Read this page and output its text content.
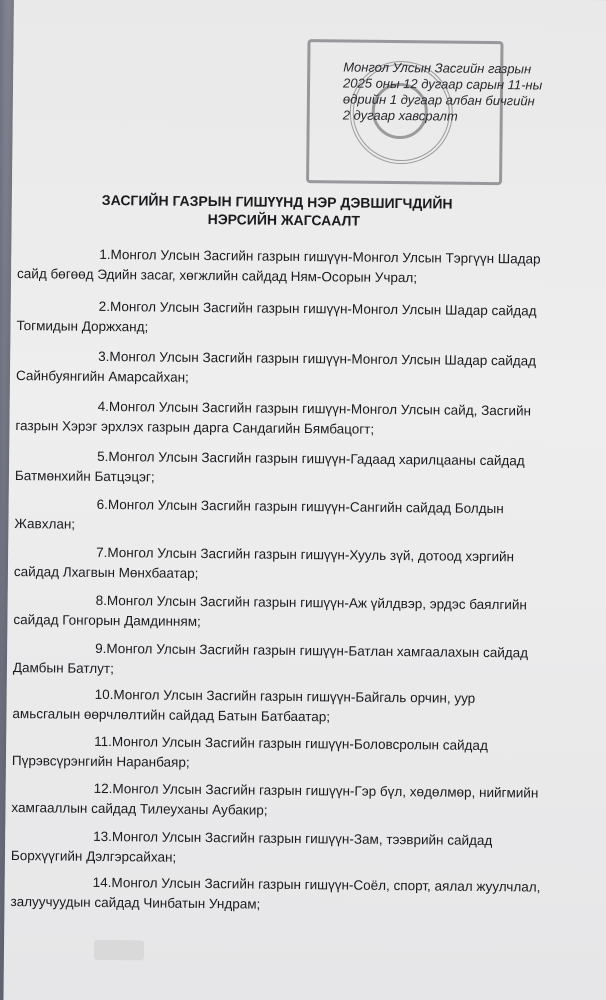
Монгол Улсын Засгийн газрын
2025 оны 12 дугаар сарын 11-ны
өдрийн 1 дугаар албан бичгийн
2 дугаар хавсралт
ЗАСГИЙН ГАЗРЫН ГИШҮҮНД НЭР ДЭВШИГЧДИЙН
НЭРСИЙН ЖАГСААЛТ
1.Монгол Улсын Засгийн газрын гишүүн-Монгол Улсын Тэргүүн Шадар
сайд бөгөөд Эдийн засаг, хөгжлийн сайдад Ням-Осорын Учрал;
2.Монгол Улсын Засгийн газрын гишүүн-Монгол Улсын Шадар сайдад
Тогмидын Доржханд;
3.Монгол Улсын Засгийн газрын гишүүн-Монгол Улсын Шадар сайдад
Сайнбуянгийн Амарсайхан;
4.Монгол Улсын Засгийн газрын гишүүн-Монгол Улсын сайд, Засгийн
газрын Хэрэг эрхлэх газрын дарга Сандагийн Бямбацогт;
5.Монгол Улсын Засгийн газрын гишүүн-Гадаад харилцааны сайдад
Батмөнхийн Батцэцэг;
6.Монгол Улсын Засгийн газрын гишүүн-Сангийн сайдад Болдын
Жавхлан;
7.Монгол Улсын Засгийн газрын гишүүн-Хууль зүй, дотоод хэргийн
сайдад Лхагвын Мөнхбаатар;
8.Монгол Улсын Засгийн газрын гишүүн-Аж үйлдвэр, эрдэс баялгийн
сайдад Гонгорын Дамдинням;
9.Монгол Улсын Засгийн газрын гишүүн-Батлан хамгаалахын сайдад
Дамбын Батлут;
10.Монгол Улсын Засгийн газрын гишүүн-Байгаль орчин, уур
амьсгалын өөрчлөлтийн сайдад Батын Батбаатар;
11.Монгол Улсын Засгийн газрын гишүүн-Боловсролын сайдад
Пүрэвсүрэнгийн Наранбаяр;
12.Монгол Улсын Засгийн газрын гишүүн-Гэр бүл, хөдөлмөр, нийгмийн
хамгааллын сайдад Тилеуханы Аубакир;
13.Монгол Улсын Засгийн газрын гишүүн-Зам, тээврийн сайдад
Борхүүгийн Дэлгэрсайхан;
14.Монгол Улсын Засгийн газрын гишүүн-Соёл, спорт, аялал жуулчлал,
залуучуудын сайдад Чинбатын Ундрам;
